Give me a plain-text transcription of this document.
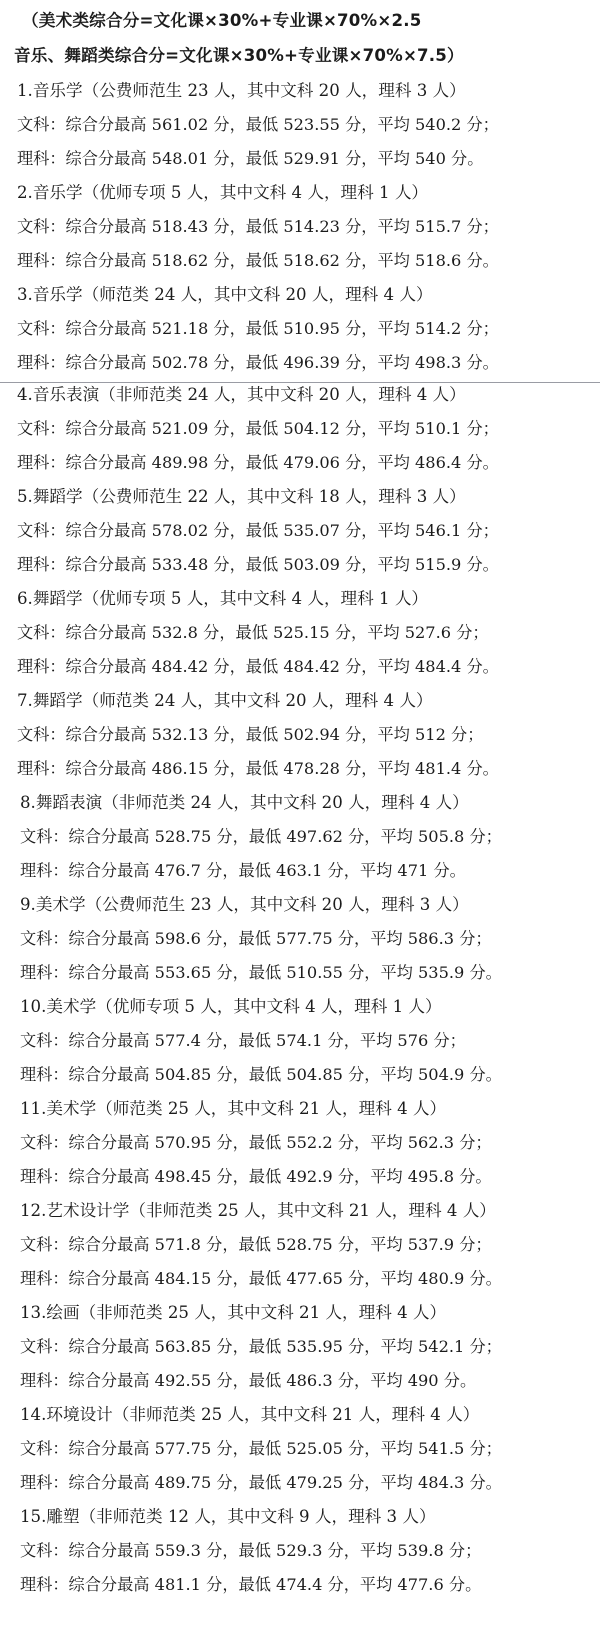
（美术类综合分=文化课×30%+专业课×70%×2.5
音乐、舞蹈类综合分=文化课×30%+专业课×70%×7.5）
1.音乐学（公费师范生 23 人，其中文科 20 人，理科 3 人）
文科：综合分最高 561.02 分，最低 523.55 分，平均 540.2 分；
理科：综合分最高 548.01 分，最低 529.91 分，平均 540 分。
2.音乐学（优师专项 5 人，其中文科 4 人，理科 1 人）
文科：综合分最高 518.43 分，最低 514.23 分，平均 515.7 分；
理科：综合分最高 518.62 分，最低 518.62 分，平均 518.6 分。
3.音乐学（师范类 24 人，其中文科 20 人，理科 4 人）
文科：综合分最高 521.18 分，最低 510.95 分，平均 514.2 分；
理科：综合分最高 502.78 分，最低 496.39 分，平均 498.3 分。
4.音乐表演（非师范类 24 人，其中文科 20 人，理科 4 人）
文科：综合分最高 521.09 分，最低 504.12 分，平均 510.1 分；
理科：综合分最高 489.98 分，最低 479.06 分，平均 486.4 分。
5.舞蹈学（公费师范生 22 人，其中文科 18 人，理科 3 人）
文科：综合分最高 578.02 分，最低 535.07 分，平均 546.1 分；
理科：综合分最高 533.48 分，最低 503.09 分，平均 515.9 分。
6.舞蹈学（优师专项 5 人，其中文科 4 人，理科 1 人）
文科：综合分最高 532.8 分，最低 525.15 分，平均 527.6 分；
理科：综合分最高 484.42 分，最低 484.42 分，平均 484.4 分。
7.舞蹈学（师范类 24 人，其中文科 20 人，理科 4 人）
文科：综合分最高 532.13 分，最低 502.94 分，平均 512 分；
理科：综合分最高 486.15 分，最低 478.28 分，平均 481.4 分。
8.舞蹈表演（非师范类 24 人，其中文科 20 人，理科 4 人）
文科：综合分最高 528.75 分，最低 497.62 分，平均 505.8 分；
理科：综合分最高 476.7 分，最低 463.1 分，平均 471 分。
9.美术学（公费师范生 23 人，其中文科 20 人，理科 3 人）
文科：综合分最高 598.6 分，最低 577.75 分，平均 586.3 分；
理科：综合分最高 553.65 分，最低 510.55 分，平均 535.9 分。
10.美术学（优师专项 5 人，其中文科 4 人，理科 1 人）
文科：综合分最高 577.4 分，最低 574.1 分，平均 576 分；
理科：综合分最高 504.85 分，最低 504.85 分，平均 504.9 分。
11.美术学（师范类 25 人，其中文科 21 人，理科 4 人）
文科：综合分最高 570.95 分，最低 552.2 分，平均 562.3 分；
理科：综合分最高 498.45 分，最低 492.9 分，平均 495.8 分。
12.艺术设计学（非师范类 25 人，其中文科 21 人，理科 4 人）
文科：综合分最高 571.8 分，最低 528.75 分，平均 537.9 分；
理科：综合分最高 484.15 分，最低 477.65 分，平均 480.9 分。
13.绘画（非师范类 25 人，其中文科 21 人，理科 4 人）
文科：综合分最高 563.85 分，最低 535.95 分，平均 542.1 分；
理科：综合分最高 492.55 分，最低 486.3 分，平均 490 分。
14.环境设计（非师范类 25 人，其中文科 21 人，理科 4 人）
文科：综合分最高 577.75 分，最低 525.05 分，平均 541.5 分；
理科：综合分最高 489.75 分，最低 479.25 分，平均 484.3 分。
15.雕塑（非师范类 12 人，其中文科 9 人，理科 3 人）
文科：综合分最高 559.3 分，最低 529.3 分，平均 539.8 分；
理科：综合分最高 481.1 分，最低 474.4 分，平均 477.6 分。
